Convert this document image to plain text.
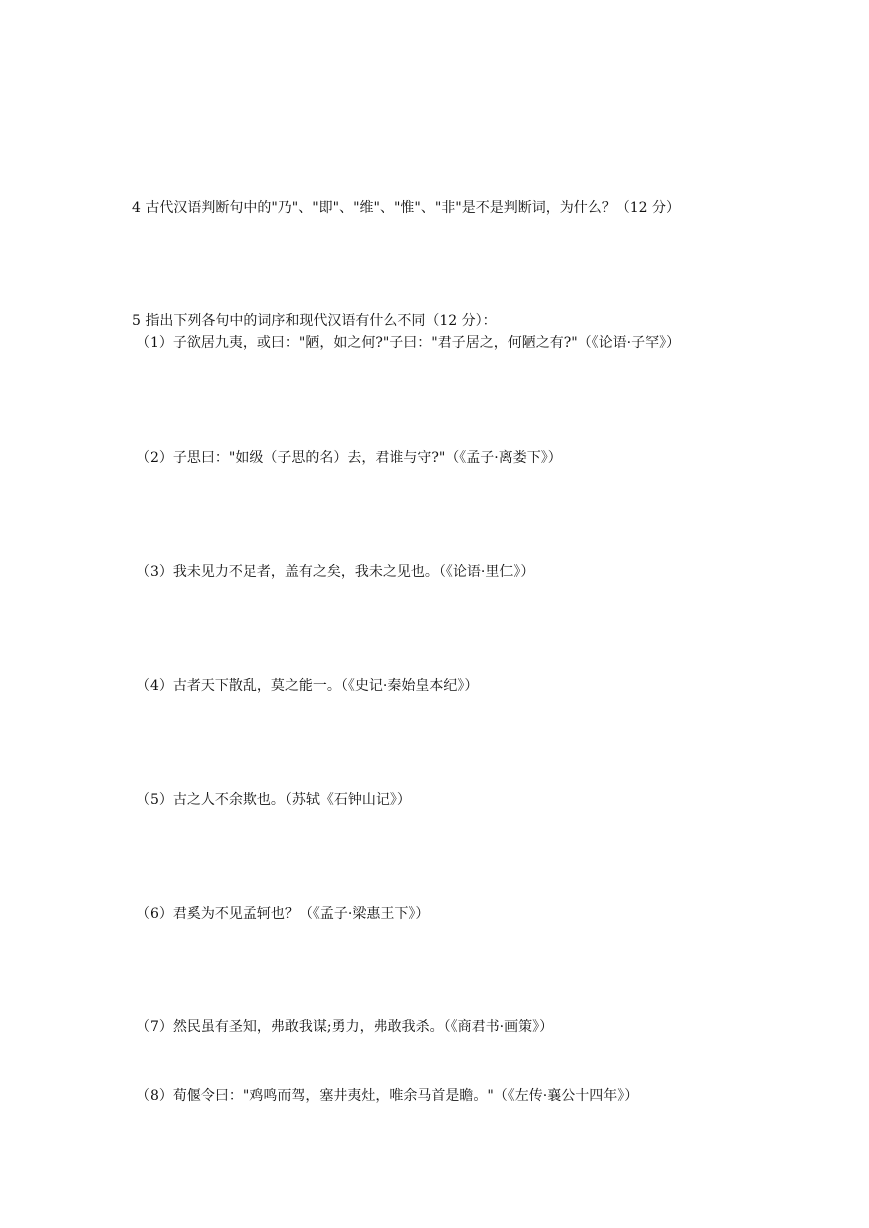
4 古代汉语判断句中的"乃"、"即"、"维"、"惟"、"非"是不是判断词，为什么？（12 分）
5 指出下列各句中的词序和现代汉语有什么不同（12 分）：
（1）子欲居九夷，或曰："陋，如之何?"子曰："君子居之，何陋之有?"（《论语·子罕》）
（2）子思曰："如级（子思的名）去，君谁与守?"（《孟子·离娄下》）
（3）我未见力不足者，盖有之矣，我未之见也。（《论语·里仁》）
（4）古者天下散乱，莫之能一。（《史记·秦始皇本纪》）
（5）古之人不余欺也。（苏轼《石钟山记》）
（6）君奚为不见孟轲也？（《孟子·梁惠王下》）
（7）然民虽有圣知，弗敢我谋;勇力，弗敢我杀。（《商君书·画策》）
（8）荀偃令曰："鸡鸣而驾，塞井夷灶，唯余马首是瞻。"（《左传·襄公十四年》）
